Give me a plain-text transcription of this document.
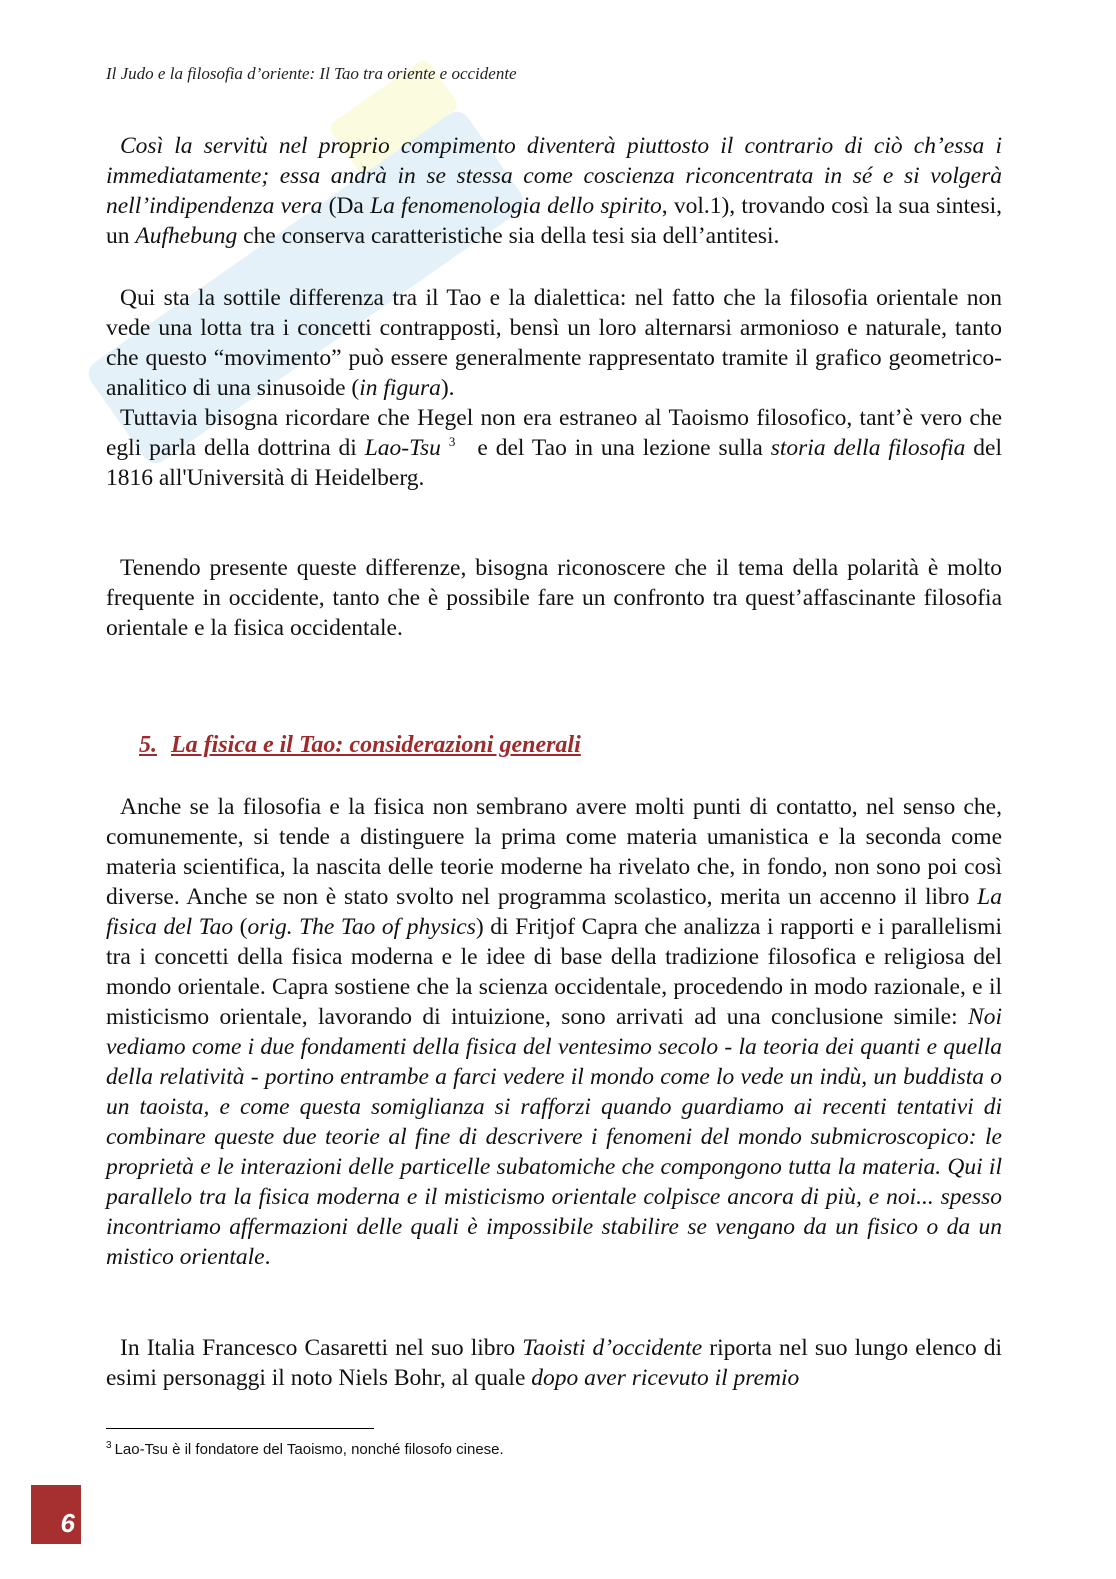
Il Judo e la filosofia d’oriente: Il Tao tra oriente e occidente

Così la servitù nel proprio compimento diventerà piuttosto il contrario di ciò ch’essa i immediatamente; essa andrà in se stessa come coscienza riconcentrata in sé e si volgerà nell’indipendenza vera (Da La fenomenologia dello spirito, vol.1), trovando così la sua sintesi, un Aufhebung che conserva caratteristiche sia della tesi sia dell’antitesi.

Qui sta la sottile differenza tra il Tao e la dialettica: nel fatto che la filosofia orientale non vede una lotta tra i concetti contrapposti, bensì un loro alternarsi armonioso e naturale, tanto che questo “movimento” può essere generalmente rappresentato tramite il grafico geometrico-analitico di una sinusoide (in figura).

Tuttavia bisogna ricordare che Hegel non era estraneo al Taoismo filosofico, tant’è vero che egli parla della dottrina di Lao-Tsu $^3$ e del Tao in una lezione sulla storia della filosofia del 1816 all'Università di Heidelberg.

Tenendo presente queste differenze, bisogna riconoscere che il tema della polarità è molto frequente in occidente, tanto che è possibile fare un confronto tra quest’affascinante filosofia orientale e la fisica occidentale.

5. La fisica e il Tao: considerazioni generali

Anche se la filosofia e la fisica non sembrano avere molti punti di contatto, nel senso che, comunemente, si tende a distinguere la prima come materia umanistica e la seconda come materia scientifica, la nascita delle teorie moderne ha rivelato che, in fondo, non sono poi così diverse. Anche se non è stato svolto nel programma scolastico, merita un accenno il libro La fisica del Tao (orig. The Tao of physics) di Fritjof Capra che analizza i rapporti e i parallelismi tra i concetti della fisica moderna e le idee di base della tradizione filosofica e religiosa del mondo orientale. Capra sostiene che la scienza occidentale, procedendo in modo razionale, e il misticismo orientale, lavorando di intuizione, sono arrivati ad una conclusione simile: Noi vediamo come i due fondamenti della fisica del ventesimo secolo - la teoria dei quanti e quella della relatività - portino entrambe a farci vedere il mondo come lo vede un indù, un buddista o un taoista, e come questa somiglianza si rafforzi quando guardiamo ai recenti tentativi di combinare queste due teorie al fine di descrivere i fenomeni del mondo submicroscopico: le proprietà e le interazioni delle particelle subatomiche che compongono tutta la materia. Qui il parallelo tra la fisica moderna e il misticismo orientale colpisce ancora di più, e noi... spesso incontriamo affermazioni delle quali è impossibile stabilire se vengano da un fisico o da un mistico orientale.

In Italia Francesco Casaretti nel suo libro Taoisti d’occidente riporta nel suo lungo elenco di esimi personaggi il noto Niels Bohr, al quale dopo aver ricevuto il premio

$^3$ Lao-Tsu è il fondatore del Taoismo, nonché filosofo cinese.
6
